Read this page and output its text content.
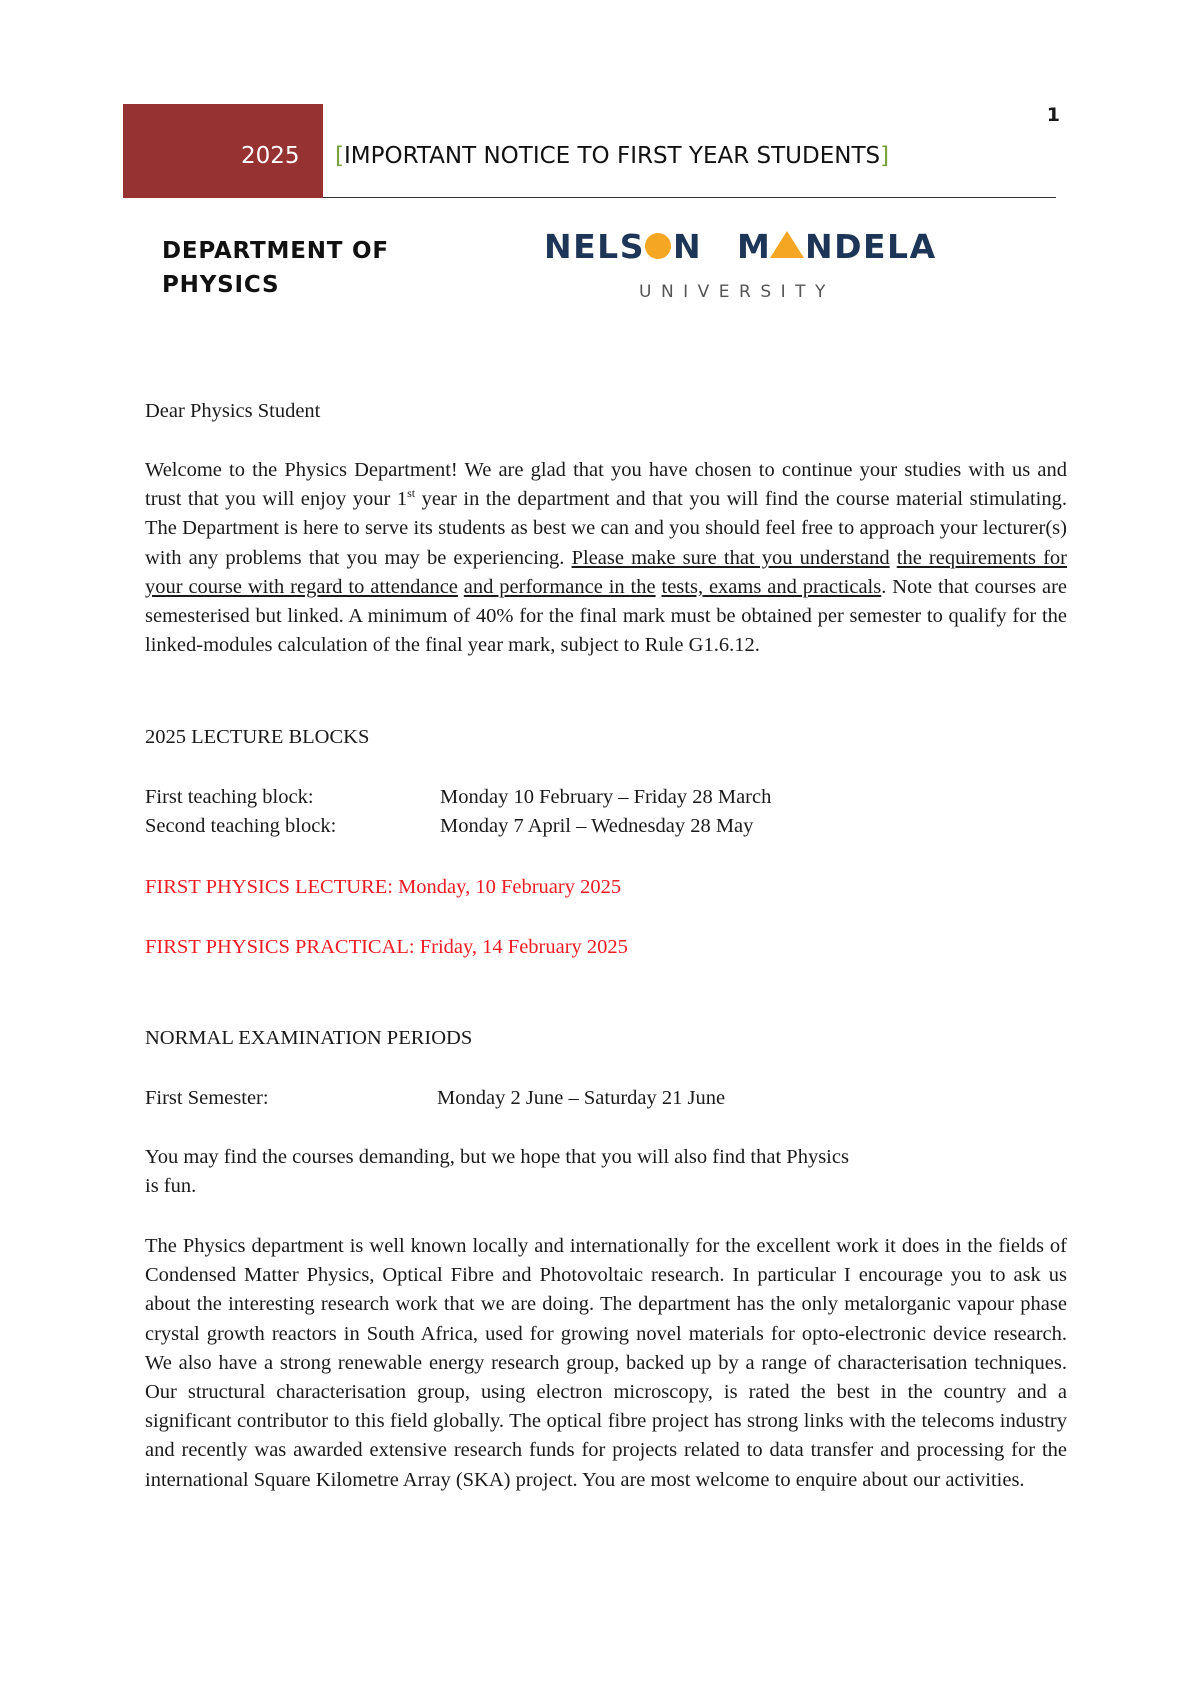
1
2025 [IMPORTANT NOTICE TO FIRST YEAR STUDENTS]
DEPARTMENT OF
PHYSICS
NELS N M NDELA
UNIVERSITY
Dear Physics Student
Welcome to the Physics Department! We are glad that you have chosen to continue your studies with us and trust that you will enjoy your 1st year in the department and that you will find the course material stimulating. The Department is here to serve its students as best we can and you should feel free to approach your lecturer(s) with any problems that you may be experiencing. Please make sure that you understand the requirements for your course with regard to attendance and performance in the tests, exams and practicals. Note that courses are semesterised but linked. A minimum of 40% for the final mark must be obtained per semester to qualify for the linked-modules calculation of the final year mark, subject to Rule G1.6.12.
2025 LECTURE BLOCKS
First teaching block:	Monday 10 February – Friday 28 March
Second teaching block:	Monday 7 April – Wednesday 28 May
FIRST PHYSICS LECTURE: Monday, 10 February 2025
FIRST PHYSICS PRACTICAL: Friday, 14 February 2025
NORMAL EXAMINATION PERIODS
First Semester:	Monday 2 June – Saturday 21 June
You may find the courses demanding, but we hope that you will also find that Physics
is fun.
The Physics department is well known locally and internationally for the excellent work it does in the fields of Condensed Matter Physics, Optical Fibre and Photovoltaic research. In particular I encourage you to ask us about the interesting research work that we are doing. The department has the only metalorganic vapour phase crystal growth reactors in South Africa, used for growing novel materials for opto-electronic device research. We also have a strong renewable energy research group, backed up by a range of characterisation techniques. Our structural characterisation group, using electron microscopy, is rated the best in the country and a significant contributor to this field globally. The optical fibre project has strong links with the telecoms industry and recently was awarded extensive research funds for projects related to data transfer and processing for the international Square Kilometre Array (SKA) project. You are most welcome to enquire about our activities.
